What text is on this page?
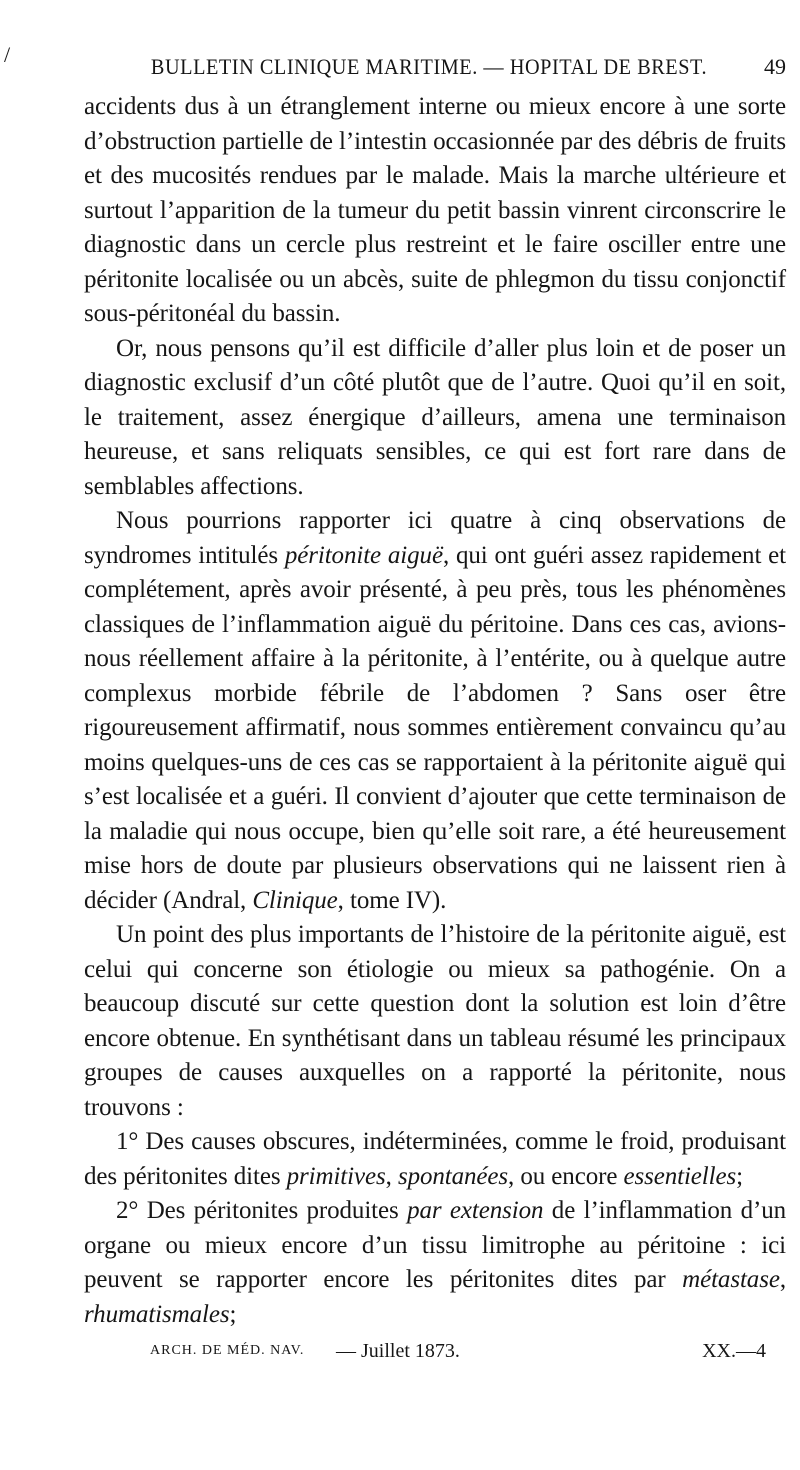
/	BULLETIN CLINIQUE MARITIME. — HOPITAL DE BREST.	49

accidents dus à un étranglement interne ou mieux encore à une sorte d’obstruction partielle de l’intestin occasionnée par des débris de fruits et des mucosités rendues par le malade. Mais la marche ultérieure et surtout l’apparition de la tumeur du petit bassin vinrent circonscrire le diagnostic dans un cercle plus restreint et le faire osciller entre une péritonite localisée ou un abcès, suite de phlegmon du tissu conjonctif sous-péritonéal du bassin.

Or, nous pensons qu’il est difficile d’aller plus loin et de poser un diagnostic exclusif d’un côté plutôt que de l’autre. Quoi qu’il en soit, le traitement, assez énergique d’ailleurs, amena une terminaison heureuse, et sans reliquats sensibles, ce qui est fort rare dans de semblables affections.

Nous pourrions rapporter ici quatre à cinq observations de syndromes intitulés péritonite aiguë, qui ont guéri assez rapidement et complétement, après avoir présenté, à peu près, tous les phénomènes classiques de l’inflammation aiguë du péritoine. Dans ces cas, avions-nous réellement affaire à la péritonite, à l’entérite, ou à quelque autre complexus morbide fébrile de l’abdomen ? Sans oser être rigoureusement affirmatif, nous sommes entièrement convaincu qu’au moins quelques-uns de ces cas se rapportaient à la péritonite aiguë qui s’est localisée et a guéri. Il convient d’ajouter que cette terminaison de la maladie qui nous occupe, bien qu’elle soit rare, a été heureusement mise hors de doute par plusieurs observations qui ne laissent rien à décider (Andral, Clinique, tome IV).

Un point des plus importants de l’histoire de la péritonite aiguë, est celui qui concerne son étiologie ou mieux sa pathogénie. On a beaucoup discuté sur cette question dont la solution est loin d’être encore obtenue. En synthétisant dans un tableau résumé les principaux groupes de causes auxquelles on a rapporté la péritonite, nous trouvons :

1° Des causes obscures, indéterminées, comme le froid, produisant des péritonites dites primitives, spontanées, ou encore essentielles;

2° Des péritonites produites par extension de l’inflammation d’un organe ou mieux encore d’un tissu limitrophe au péritoine : ici peuvent se rapporter encore les péritonites dites par métastase, rhumatismales;

ARCH. DE MÉD. NAV. — Juillet 1873.	XX.—4
